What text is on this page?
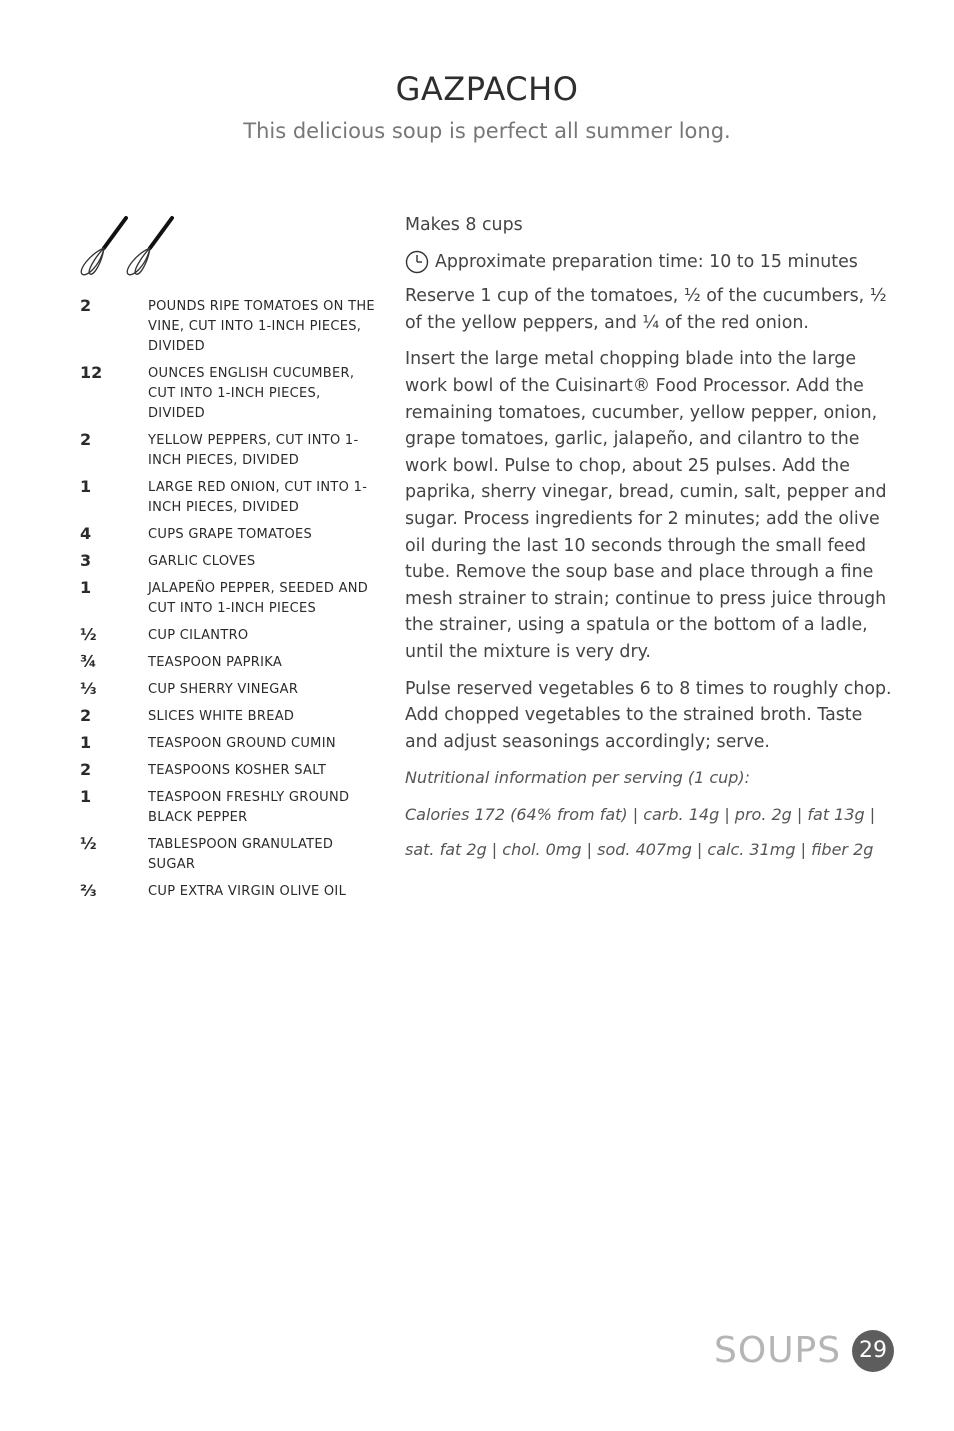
GAZPACHO
This delicious soup is perfect all summer long.
2	POUNDS RIPE TOMATOES ON THE VINE, CUT INTO 1-INCH PIECES, DIVIDED
12	OUNCES ENGLISH CUCUMBER, CUT INTO 1-INCH PIECES, DIVIDED
2	YELLOW PEPPERS, CUT INTO 1-INCH PIECES, DIVIDED
1	LARGE RED ONION, CUT INTO 1-INCH PIECES, DIVIDED
4	CUPS GRAPE TOMATOES
3	GARLIC CLOVES
1	JALAPEÑO PEPPER, SEEDED AND CUT INTO 1-INCH PIECES
½	CUP CILANTRO
¾	TEASPOON PAPRIKA
⅓	CUP SHERRY VINEGAR
2	SLICES WHITE BREAD
1	TEASPOON GROUND CUMIN
2	TEASPOONS KOSHER SALT
1	TEASPOON FRESHLY GROUND BLACK PEPPER
½	TABLESPOON GRANULATED SUGAR
⅔	CUP EXTRA VIRGIN OLIVE OIL

Makes 8 cups

Approximate preparation time: 10 to 15 minutes

Reserve 1 cup of the tomatoes, ½ of the cucumbers, ½ of the yellow peppers, and ¼ of the red onion.

Insert the large metal chopping blade into the large work bowl of the Cuisinart® Food Processor. Add the remaining tomatoes, cucumber, yellow pepper, onion, grape tomatoes, garlic, jalapeño, and cilantro to the work bowl. Pulse to chop, about 25 pulses. Add the paprika, sherry vinegar, bread, cumin, salt, pepper and sugar. Process ingredients for 2 minutes; add the olive oil during the last 10 seconds through the small feed tube. Remove the soup base and place through a fine mesh strainer to strain; continue to press juice through the strainer, using a spatula or the bottom of a ladle, until the mixture is very dry.

Pulse reserved vegetables 6 to 8 times to roughly chop. Add chopped vegetables to the strained broth. Taste and adjust seasonings accordingly; serve.

Nutritional information per serving (1 cup):

Calories 172 (64% from fat) | carb. 14g | pro. 2g | fat 13g |

sat. fat 2g | chol. 0mg | sod. 407mg | calc. 31mg | fiber 2g

SOUPS 29
